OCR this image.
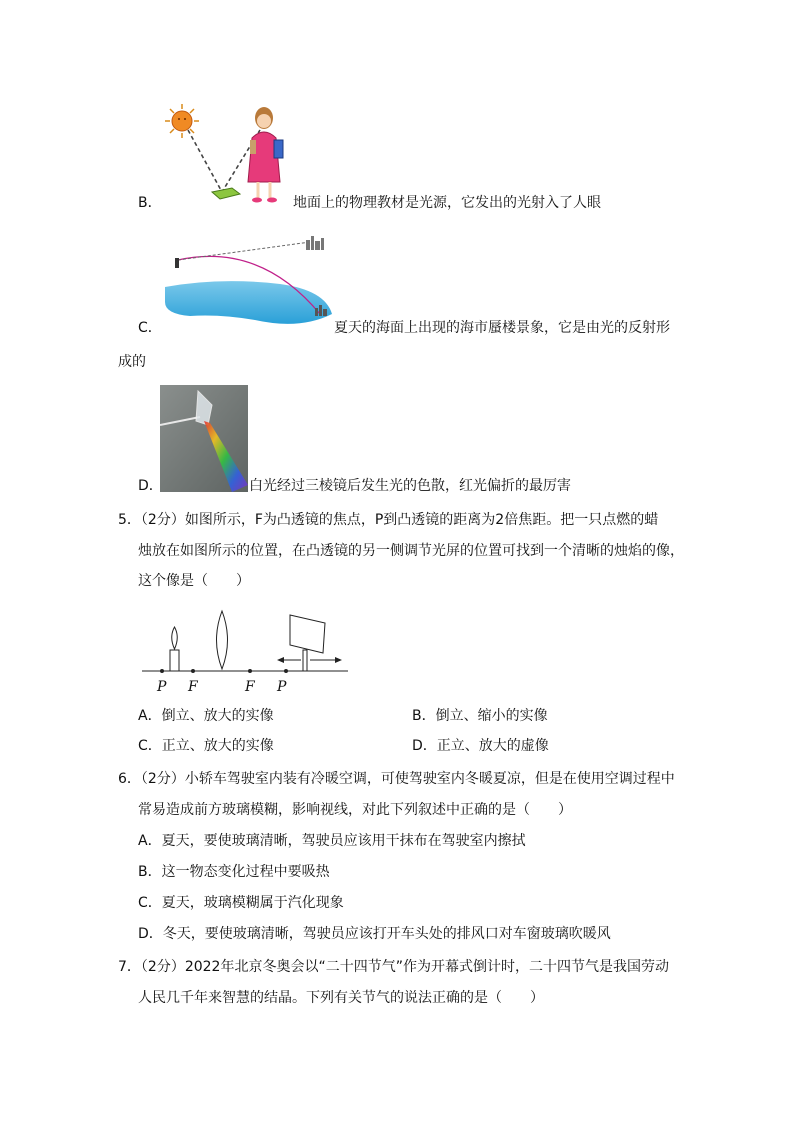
B．	地面上的物理教材是光源，它发出的光射入了人眼
C．	夏天的海面上出现的海市蜃楼景象，它是由光的反射形
成的
D．	白光经过三棱镜后发生光的色散，红光偏折的最厉害
5．（2分）如图所示，F为凸透镜的焦点，P到凸透镜的距离为2倍焦距。把一只点燃的蜡
烛放在如图所示的位置，在凸透镜的另一侧调节光屏的位置可找到一个清晰的烛焰的像，
这个像是（　　）
P F	F P
A．倒立、放大的实像	B．倒立、缩小的实像
C．正立、放大的实像	D．正立、放大的虚像
6．（2分）小轿车驾驶室内装有冷暖空调，可使驾驶室内冬暖夏凉，但是在使用空调过程中
常易造成前方玻璃模糊，影响视线，对此下列叙述中正确的是（　　）
A．夏天，要使玻璃清晰，驾驶员应该用干抹布在驾驶室内擦拭
B．这一物态变化过程中要吸热
C．夏天，玻璃模糊属于汽化现象
D．冬天，要使玻璃清晰，驾驶员应该打开车头处的排风口对车窗玻璃吹暖风
7．（2分）2022年北京冬奥会以“二十四节气”作为开幕式倒计时，二十四节气是我国劳动
人民几千年来智慧的结晶。下列有关节气的说法正确的是（　　）
